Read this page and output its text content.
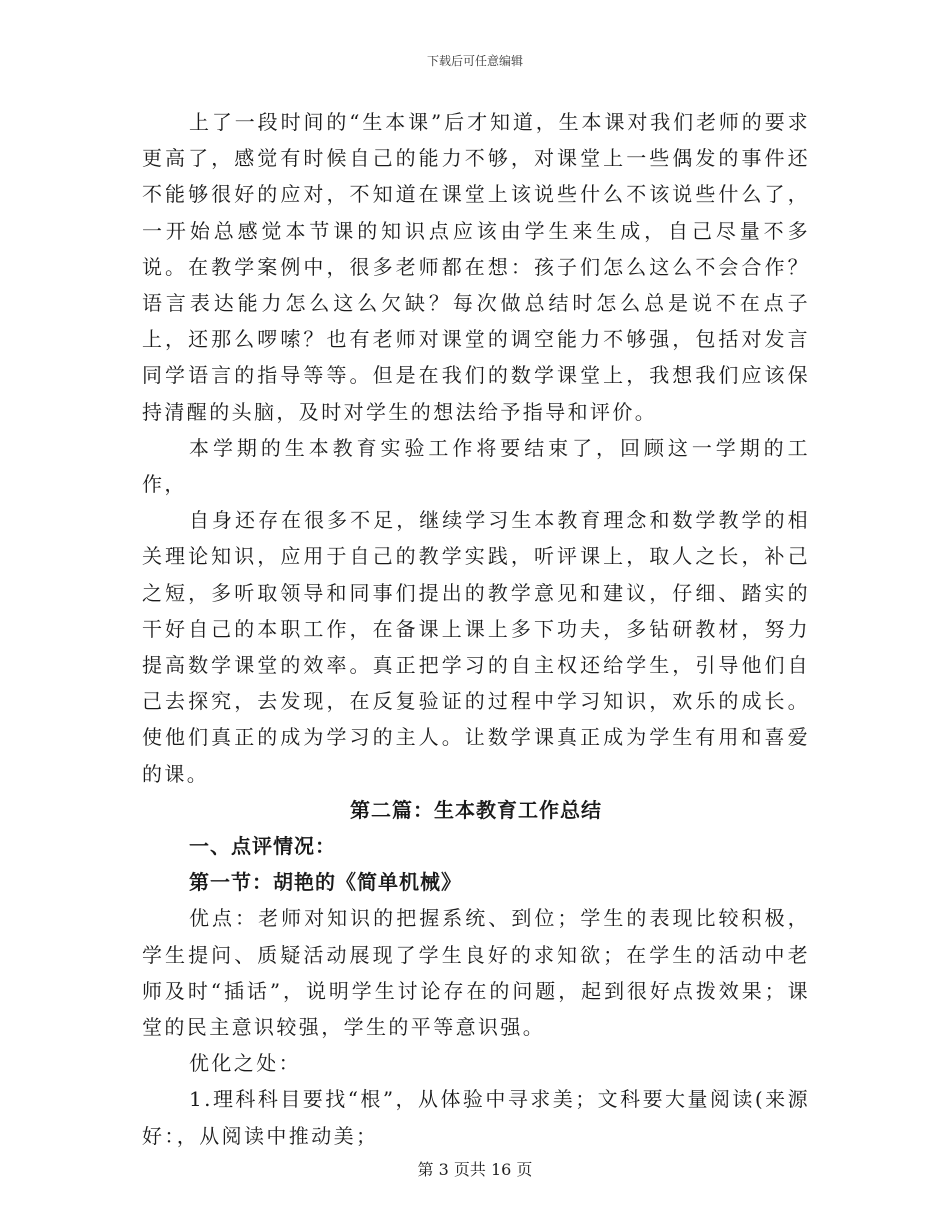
下载后可任意编辑

上了一段时间的“生本课”后才知道，生本课对我们老师的要求更高了，感觉有时候自己的能力不够，对课堂上一些偶发的事件还不能够很好的应对，不知道在课堂上该说些什么不该说些什么了，一开始总感觉本节课的知识点应该由学生来生成，自己尽量不多说。在教学案例中，很多老师都在想：孩子们怎么这么不会合作？语言表达能力怎么这么欠缺？每次做总结时怎么总是说不在点子上，还那么啰嗦？也有老师对课堂的调空能力不够强，包括对发言同学语言的指导等等。但是在我们的数学课堂上，我想我们应该保持清醒的头脑，及时对学生的想法给予指导和评价。

本学期的生本教育实验工作将要结束了，回顾这一学期的工作，

自身还存在很多不足，继续学习生本教育理念和数学教学的相关理论知识，应用于自己的教学实践，听评课上，取人之长，补己之短，多听取领导和同事们提出的教学意见和建议，仔细、踏实的干好自己的本职工作，在备课上课上多下功夫，多钻研教材，努力提高数学课堂的效率。真正把学习的自主权还给学生，引导他们自己去探究，去发现，在反复验证的过程中学习知识，欢乐的成长。使他们真正的成为学习的主人。让数学课真正成为学生有用和喜爱的课。

第二篇：生本教育工作总结

一、点评情况：

第一节：胡艳的《简单机械》

优点：老师对知识的把握系统、到位；学生的表现比较积极，学生提问、质疑活动展现了学生良好的求知欲；在学生的活动中老师及时“插话”，说明学生讨论存在的问题，起到很好点拨效果；课堂的民主意识较强，学生的平等意识强。

优化之处：

1.理科科目要找“根”，从体验中寻求美；文科要大量阅读(来源好：，从阅读中推动美；

第 3 页共 16 页
